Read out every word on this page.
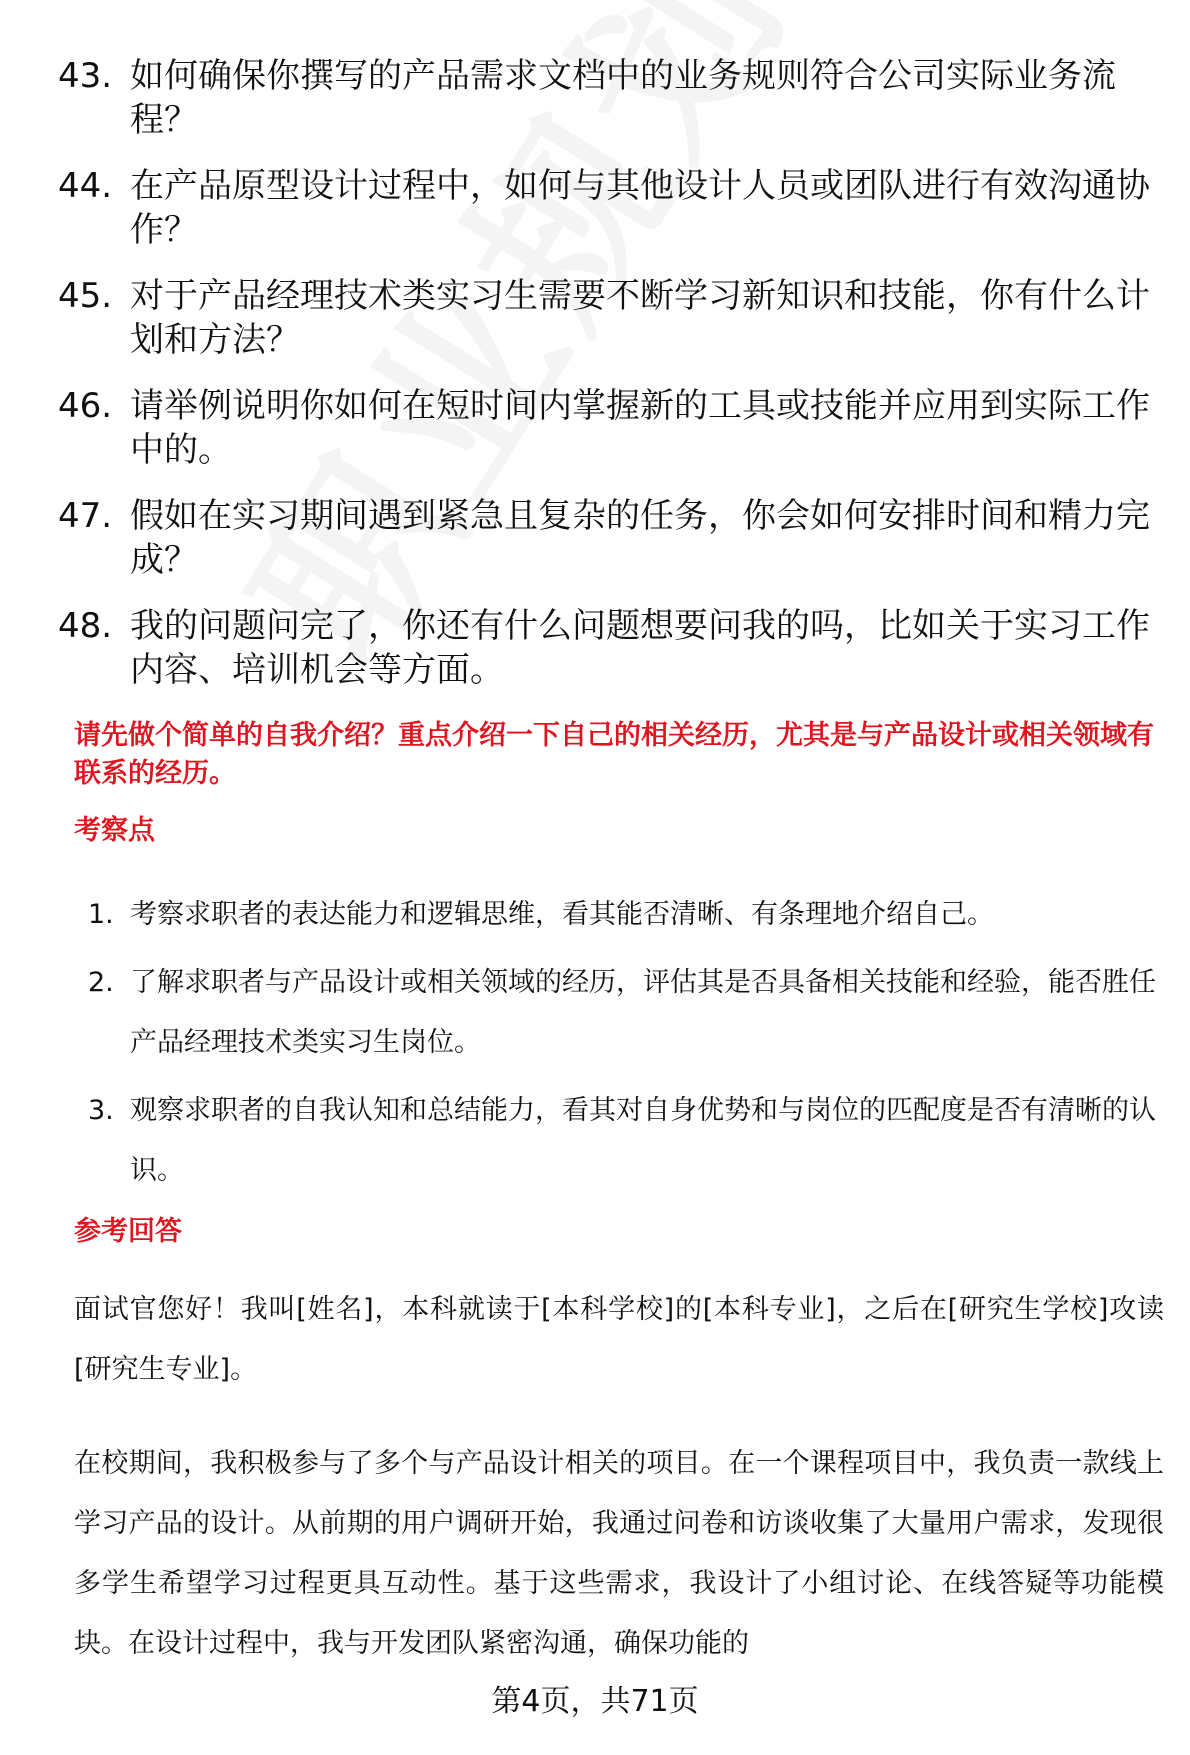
43. 如何确保你撰写的产品需求文档中的业务规则符合公司实际业务流程？
44. 在产品原型设计过程中，如何与其他设计人员或团队进行有效沟通协作？
45. 对于产品经理技术类实习生需要不断学习新知识和技能，你有什么计划和方法？
46. 请举例说明你如何在短时间内掌握新的工具或技能并应用到实际工作中的。
47. 假如在实习期间遇到紧急且复杂的任务，你会如何安排时间和精力完成？
48. 我的问题问完了，你还有什么问题想要问我的吗，比如关于实习工作内容、培训机会等方面。
请先做个简单的自我介绍？重点介绍一下自己的相关经历，尤其是与产品设计或相关领域有联系的经历。
考察点
1. 考察求职者的表达能力和逻辑思维，看其能否清晰、有条理地介绍自己。
2. 了解求职者与产品设计或相关领域的经历，评估其是否具备相关技能和经验，能否胜任产品经理技术类实习生岗位。
3. 观察求职者的自我认知和总结能力，看其对自身优势和与岗位的匹配度是否有清晰的认识。
参考回答
面试官您好！我叫[姓名]，本科就读于[本科学校]的[本科专业]，之后在[研究生学校]攻读[研究生专业]。
在校期间，我积极参与了多个与产品设计相关的项目。在一个课程项目中，我负责一款线上学习产品的设计。从前期的用户调研开始，我通过问卷和访谈收集了大量用户需求，发现很多学生希望学习过程更具互动性。基于这些需求，我设计了小组讨论、在线答疑等功能模块。在设计过程中，我与开发团队紧密沟通，确保功能的
第4页，共71页
